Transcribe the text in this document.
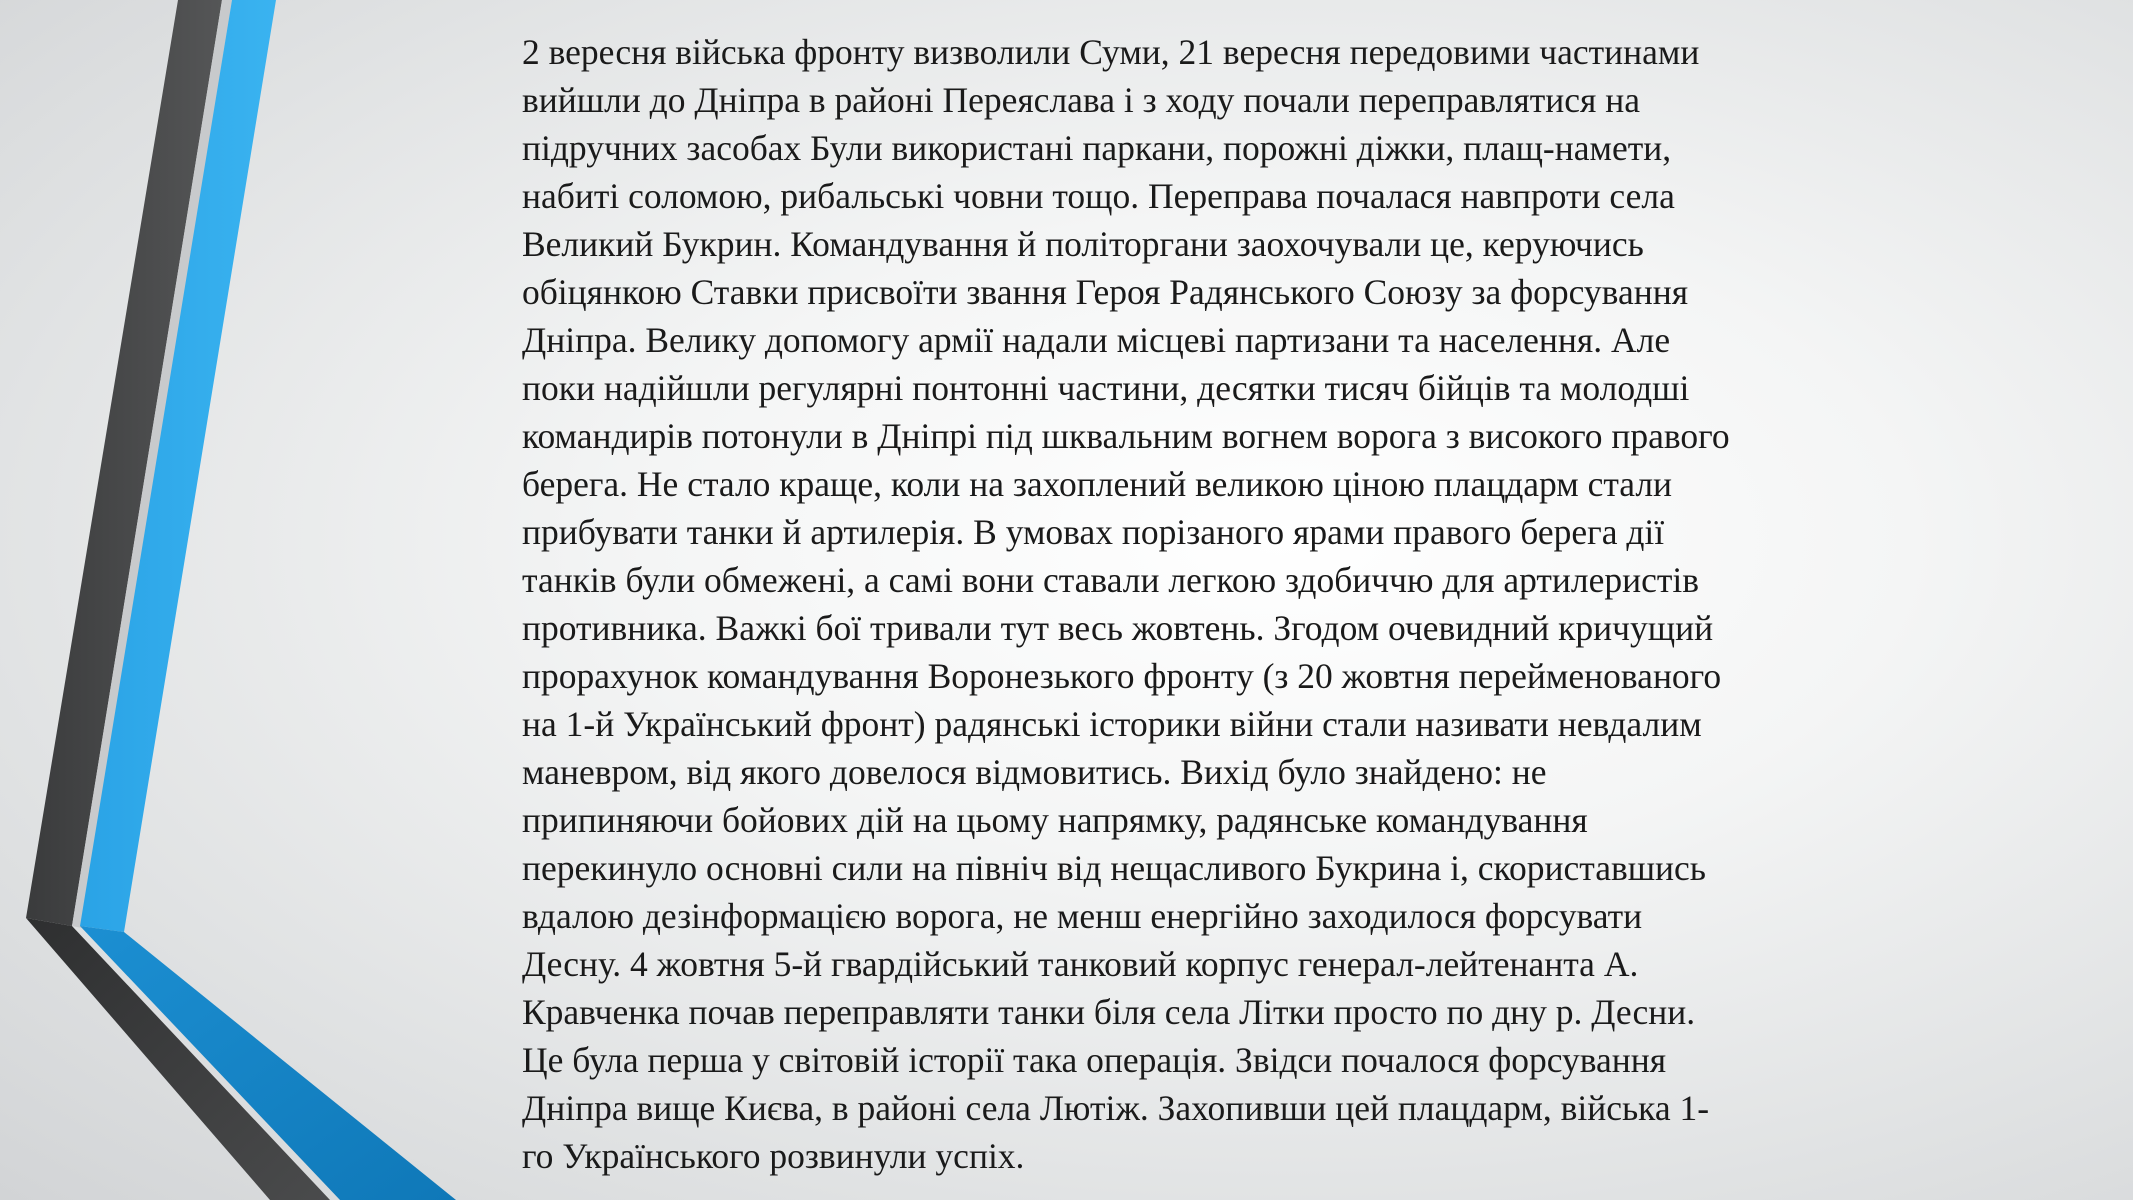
2 вересня війська фронту визволили Суми, 21 вересня передовими частинами
вийшли до Дніпра в районі Переяслава і з ходу почали переправлятися на
підручних засобах Були використані паркани, порожні діжки, плащ-намети,
набиті соломою, рибальські човни тощо. Переправа почалася навпроти села
Великий Букрин. Командування й політоргани заохочували це, керуючись
обіцянкою Ставки присвоїти звання Героя Радянського Союзу за форсування
Дніпра. Велику допомогу армії надали місцеві партизани та населення. Але
поки надійшли регулярні понтонні частини, десятки тисяч бійців та молодші
командирів потонули в Дніпрі під шквальним вогнем ворога з високого правого
берега. Не стало краще, коли на захоплений великою ціною плацдарм стали
прибувати танки й артилерія. В умовах порізаного ярами правого берега дії
танків були обмежені, а самі вони ставали легкою здобиччю для артилеристів
противника. Важкі бої тривали тут весь жовтень. Згодом очевидний кричущий
прорахунок командування Воронезького фронту (з 20 жовтня перейменованого
на 1-й Український фронт) радянські історики війни стали називати невдалим
маневром, від якого довелося відмовитись. Вихід було знайдено: не
припиняючи бойових дій на цьому напрямку, радянське командування
перекинуло основні сили на північ від нещасливого Букрина і, скориставшись
вдалою дезінформацією ворога, не менш енергійно заходилося форсувати
Десну. 4 жовтня 5-й гвардійський танковий корпус генерал-лейтенанта А.
Кравченка почав переправляти танки біля села Літки просто по дну р. Десни.
Це була перша у світовій історії така операція. Звідси почалося форсування
Дніпра вище Києва, в районі села Лютіж. Захопивши цей плацдарм, війська 1-
го Українського розвинули успіх.
